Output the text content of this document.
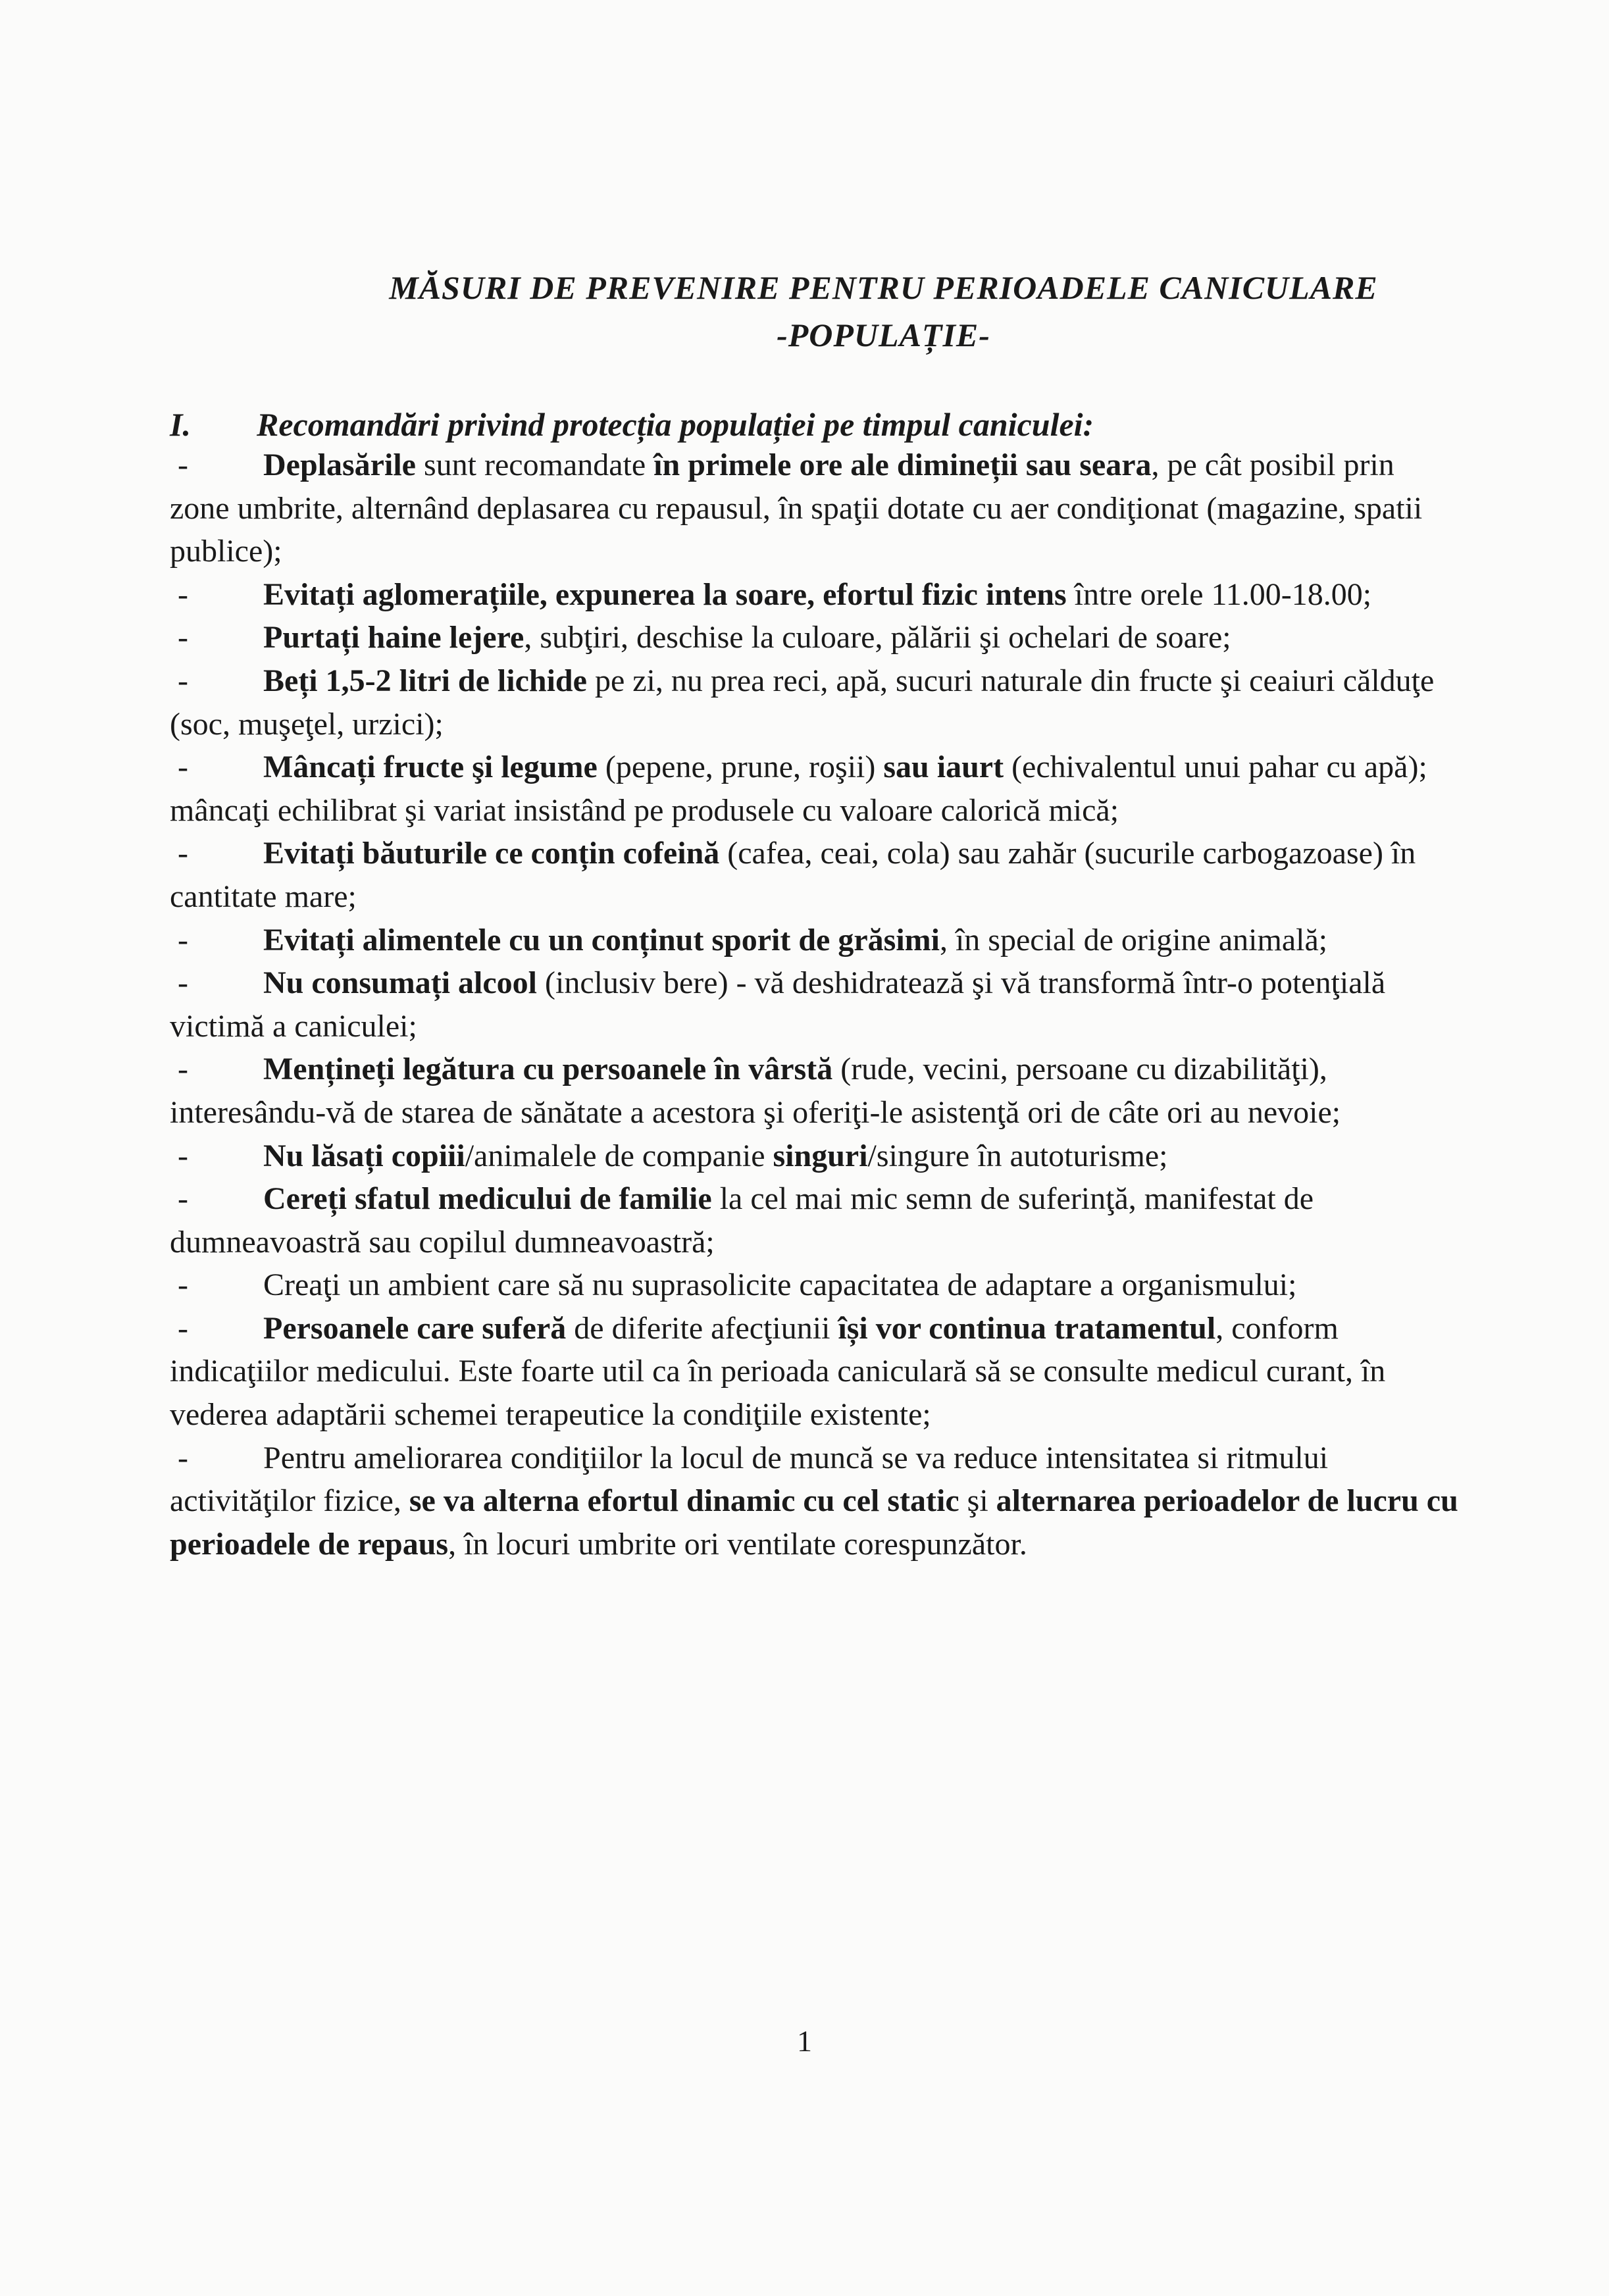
MĂSURI DE PREVENIRE PENTRU PERIOADELE CANICULARE
-POPULAȚIE-
I. Recomandări privind protecția populației pe timpul caniculei:

- Deplasările sunt recomandate în primele ore ale dimineții sau seara, pe cât posibil prin zone umbrite, alternând deplasarea cu repausul, în spaţii dotate cu aer condiţionat (magazine, spatii publice);

- Evitați aglomerațiile, expunerea la soare, efortul fizic intens între orele 11.00-18.00;

- Purtați haine lejere, subţiri, deschise la culoare, pălării şi ochelari de soare;

- Beți 1,5-2 litri de lichide pe zi, nu prea reci, apă, sucuri naturale din fructe şi ceaiuri călduţe (soc, muşeţel, urzici);

- Mâncați fructe şi legume (pepene, prune, roşii) sau iaurt (echivalentul unui pahar cu apă); mâncaţi echilibrat şi variat insistând pe produsele cu valoare calorică mică;

- Evitați băuturile ce conțin cofeină (cafea, ceai, cola) sau zahăr (sucurile carbogazoase) în cantitate mare;

- Evitați alimentele cu un conținut sporit de grăsimi, în special de origine animală;

- Nu consumați alcool (inclusiv bere) - vă deshidratează şi vă transformă într-o potenţială victimă a caniculei;

- Mențineți legătura cu persoanele în vârstă (rude, vecini, persoane cu dizabilităţi), interesându-vă de starea de sănătate a acestora şi oferiţi-le asistenţă ori de câte ori au nevoie;

- Nu lăsați copiii/animalele de companie singuri/singure în autoturisme;

- Cereți sfatul medicului de familie la cel mai mic semn de suferinţă, manifestat de dumneavoastră sau copilul dumneavoastră;

- Creaţi un ambient care să nu suprasolicite capacitatea de adaptare a organismului;

- Persoanele care suferă de diferite afecţiunii își vor continua tratamentul, conform indicaţiilor medicului. Este foarte util ca în perioada caniculară să se consulte medicul curant, în vederea adaptării schemei terapeutice la condiţiile existente;

- Pentru ameliorarea condiţiilor la locul de muncă se va reduce intensitatea si ritmului activităţilor fizice, se va alterna efortul dinamic cu cel static şi alternarea perioadelor de lucru cu perioadele de repaus, în locuri umbrite ori ventilate corespunzător.

1
